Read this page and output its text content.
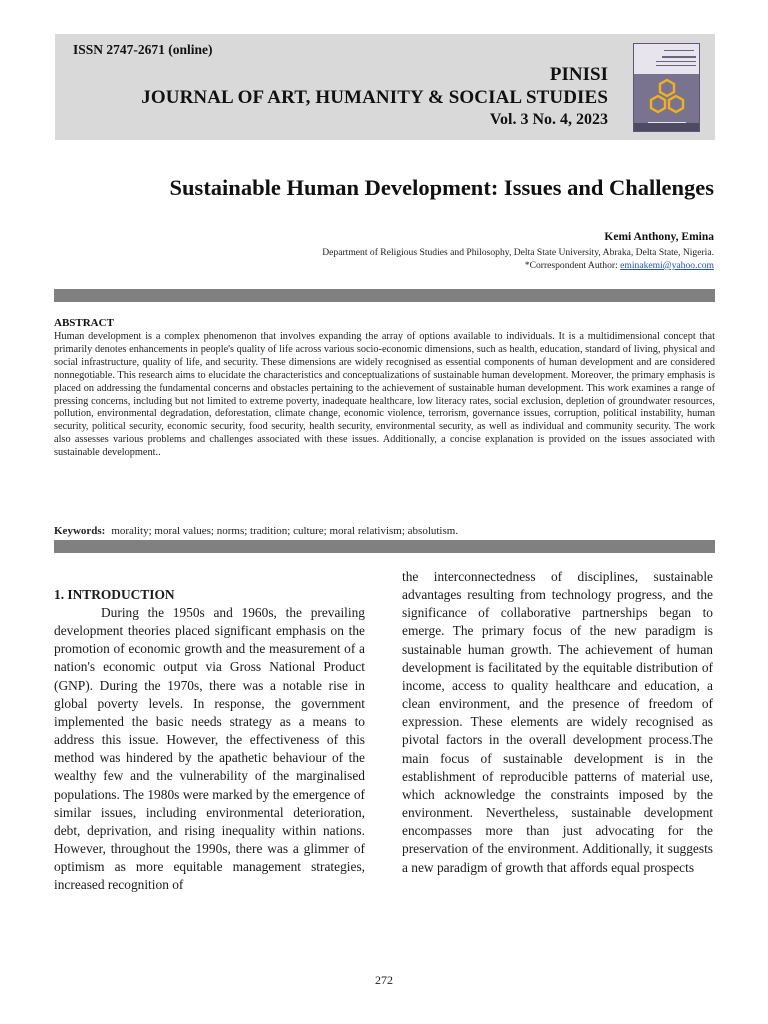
ISSN 2747-2671 (online)
PINISI
JOURNAL OF ART, HUMANITY & SOCIAL STUDIES
Vol. 3 No. 4, 2023
Sustainable Human Development: Issues and Challenges
Kemi Anthony, Emina
Department of Religious Studies and Philosophy, Delta State University, Abraka, Delta State, Nigeria.
*Correspondent Author: eminakemi@yahoo.com
ABSTRACT
Human development is a complex phenomenon that involves expanding the array of options available to individuals. It is a multidimensional concept that primarily denotes enhancements in people's quality of life across various socio-economic dimensions, such as health, education, standard of living, physical and social infrastructure, quality of life, and security. These dimensions are widely recognised as essential components of human development and are considered nonnegotiable. This research aims to elucidate the characteristics and conceptualizations of sustainable human development. Moreover, the primary emphasis is placed on addressing the fundamental concerns and obstacles pertaining to the achievement of sustainable human development. This work examines a range of pressing concerns, including but not limited to extreme poverty, inadequate healthcare, low literacy rates, social exclusion, depletion of groundwater resources, pollution, environmental degradation, deforestation, climate change, economic violence, terrorism, governance issues, corruption, political instability, human security, political security, economic security, food security, health security, environmental security, as well as individual and community security. The work also assesses various problems and challenges associated with these issues. Additionally, a concise explanation is provided on the issues associated with sustainable development..
Keywords: morality; moral values; norms; tradition; culture; moral relativism; absolutism.
1. INTRODUCTION

During the 1950s and 1960s, the prevailing development theories placed significant emphasis on the promotion of economic growth and the measurement of a nation's economic output via Gross National Product (GNP). During the 1970s, there was a notable rise in global poverty levels. In response, the government implemented the basic needs strategy as a means to address this issue. However, the effectiveness of this method was hindered by the apathetic behaviour of the wealthy few and the vulnerability of the marginalised populations. The 1980s were marked by the emergence of similar issues, including environmental deterioration, debt, deprivation, and rising inequality within nations. However, throughout the 1990s, there was a glimmer of optimism as more equitable management strategies, increased recognition of

the interconnectedness of disciplines, sustainable advantages resulting from technology progress, and the significance of collaborative partnerships began to emerge. The primary focus of the new paradigm is sustainable human growth. The achievement of human development is facilitated by the equitable distribution of income, access to quality healthcare and education, a clean environment, and the presence of freedom of expression. These elements are widely recognised as pivotal factors in the overall development process.The main focus of sustainable development is in the establishment of reproducible patterns of material use, which acknowledge the constraints imposed by the environment. Nevertheless, sustainable development encompasses more than just advocating for the preservation of the environment. Additionally, it suggests a new paradigm of growth that affords equal prospects

272
